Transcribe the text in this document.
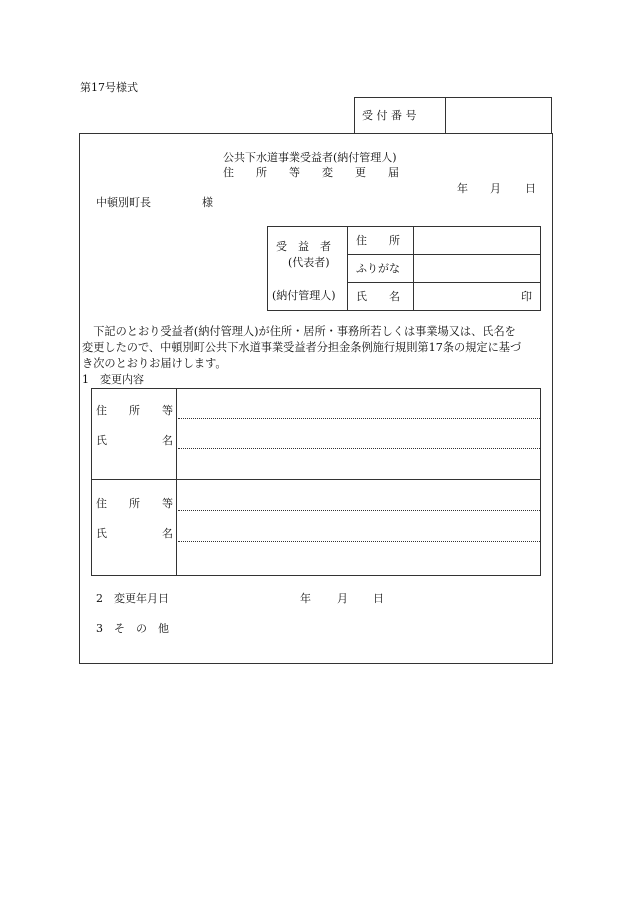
第17号様式
受 付 番 号
公共下水道事業受益者(納付管理人)
住　　所　　等　　変　　更　　届
年 月 日
中頓別町長	様
受　益　者
(代表者)
(納付管理人)
住　　所
ふりがな
氏　　名	印
　下記のとおり受益者(納付管理人)が住所・居所・事務所若しくは事業場又は、氏名を
変更したので、中頓別町公共下水道事業受益者分担金条例施行規則第17条の規定に基づ
き次のとおりお届けします。
1　変更内容
住　　所　　等
氏　　　　　名
住　　所　　等
氏　　　　　名
2　変更年月日	年 月 日
3　そ　の　他
